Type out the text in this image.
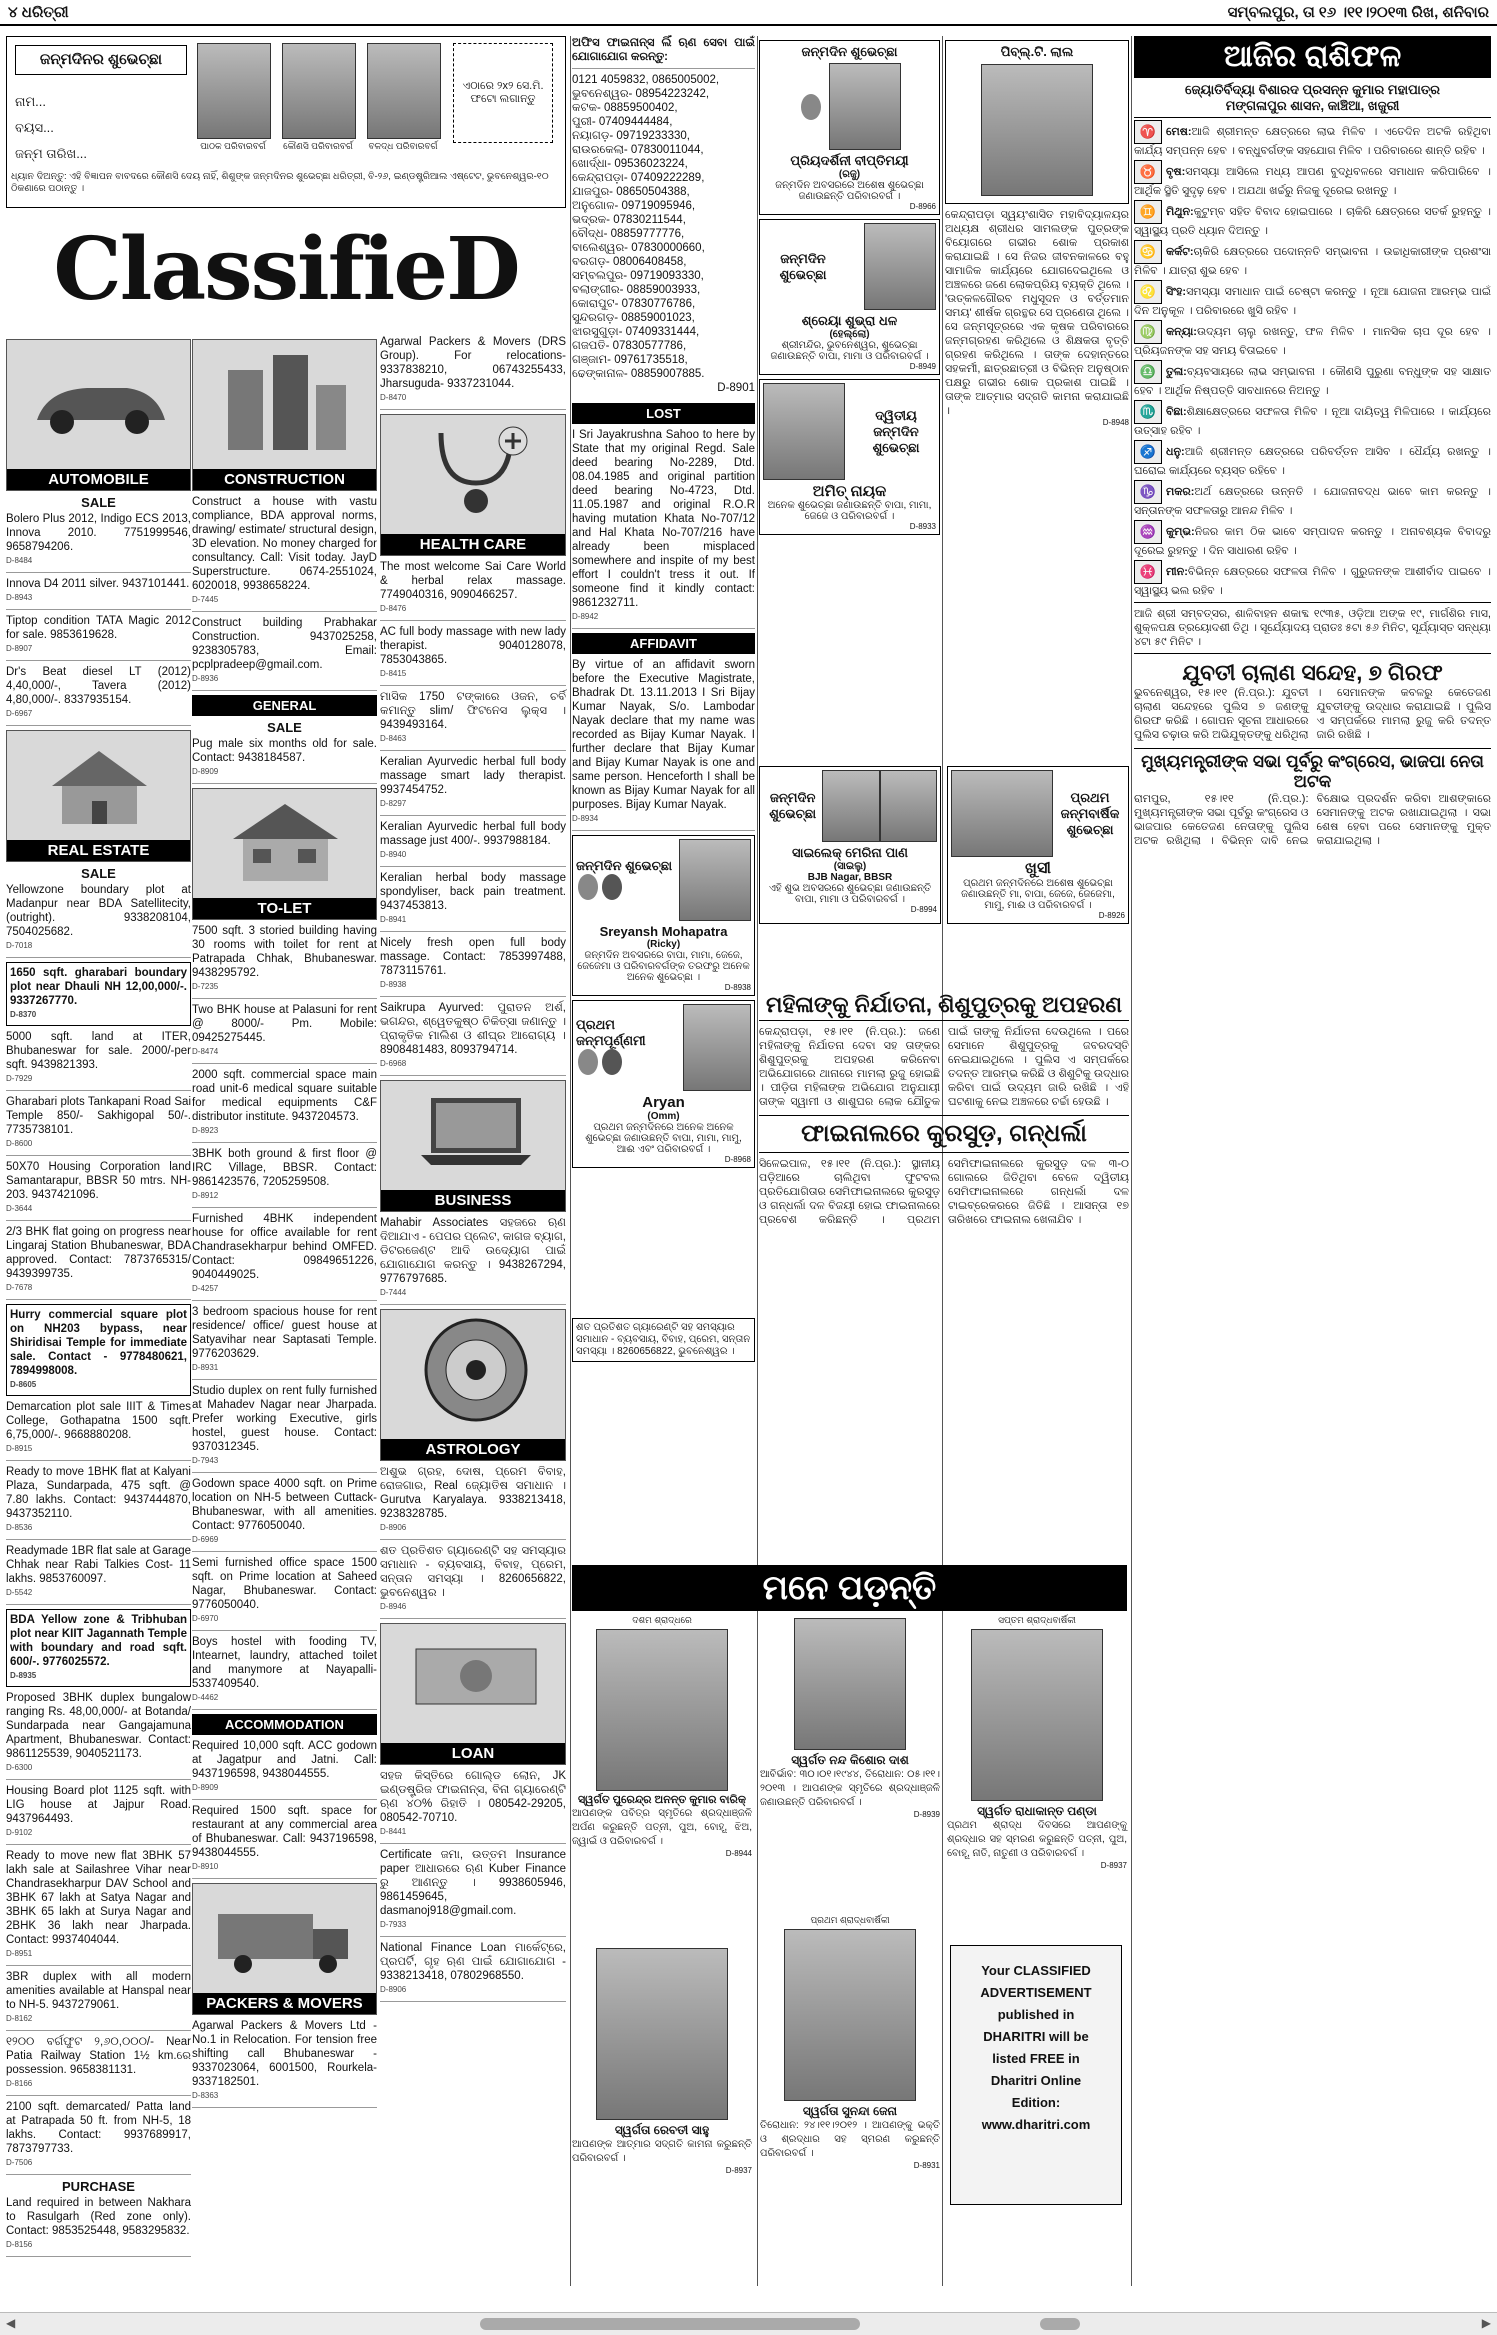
୪ ଧରିତ୍ରୀ	ସମ୍ବଲପୁର, ତା ୧୬ ।୧୧।୨୦୧୩ ରିଖ, ଶନିବାର
ଜନ୍ମଦିନର ଶୁଭେଚ୍ଛା
ନାମ...
ବୟସ...
ଜନ୍ମ ତାରିଖ...	ପାଠକ ପରିବାରବର୍ଗ	କୌଣସି ପରିବାରବର୍ଗ	ବଳଦ୍ଧ ପରିବାରବର୍ଗ
ଏଠାରେ ୨x୨ ସେ.ମି. ଫଟୋ ଲଗାନ୍ତୁ
ଧ୍ୟାନ ଦିଅନ୍ତୁ: ଏହି ବିଜ୍ଞାପନ ବାବଦରେ କୌଣସି ଦେୟ ନାହିଁ, ଶିଶୁଙ୍କ ଜନ୍ମଦିନର ଶୁଭେଚ୍ଛା ଧରିତ୍ରୀ, ବି-୨୬, ଇଣ୍ଡଷ୍ଟ୍ରିଆଲ ଏଷ୍ଟେଟ, ଭୁବନେଶ୍ୱର-୧୦ ଠିକଣାରେ ପଠାନ୍ତୁ ।
ClassifieD
AUTOMOBILE
SALE
Bolero Plus 2012, Indigo ECS 2013, Innova 2010. 7751999546, 9658794206.
D-8484
Innova D4 2011 silver. 9437101441.
D-8943
Tiptop condition TATA Magic 2012 for sale. 9853619628.
D-8907
Dr's Beat diesel LT (2012) 4,40,000/-, Tavera (2012) 4,80,000/-. 8337935154.
D-6967
REAL ESTATE
SALE
Yellowzone boundary plot at Madanpur near BDA Satellitecity, (outright). 9338208104, 7504025682.
D-7018
1650 sqft. gharabari boundary plot near Dhauli NH 12,00,000/-. 9337267770.
D-8370
5000 sqft. land at ITER, Bhubaneswar for sale. 2000/-per sqft. 9439821393.
D-7929
Gharabari plots Tankapani Road Sai Temple 850/- Sakhigopal 50/-. 7735738101.
D-8600
50X70 Housing Corporation land Samantarapur, BBSR 50 mtrs. NH-203. 9437421096.
D-3644
2/3 BHK flat going on progress near Lingaraj Station Bhubaneswar, BDA approved. Contact: 7873765315/ 9439399735.
D-7678
Hurry commercial square plot on NH203 bypass, near Shiridisai Temple for immediate sale. Contact - 9778480621, 7894998008.
D-8605
Demarcation plot sale IIIT & Times College, Gothapatna 1500 sqft. 6,75,000/-. 9668880208.
D-8915
Ready to move 1BHK flat at Kalyani Plaza, Sundarpada, 475 sqft. @ 7.80 lakhs. Contact: 9437444870, 9437352110.
D-8536
Readymade 1BR flat sale at Garage Chhak near Rabi Talkies Cost- 11 lakhs. 9853760097.
D-5542
BDA Yellow zone & Tribhuban plot near KIIT Jagannath Temple with boundary and road sqft. 600/-. 9776025572.
D-8935
Proposed 3BHK duplex bungalow ranging Rs. 48,00,000/- at Botanda/ Sundarpada near Gangajamuna Apartment, Bhubaneswar. Contact: 9861125539, 9040521173.
D-6300
Housing Board plot 1125 sqft. with LIG house at Jajpur Road. 9437964493.
D-9102
Ready to move new flat 3BHK 57 lakh sale at Sailashree Vihar near Chandrasekharpur DAV School and 3BHK 67 lakh at Satya Nagar and 3BHK 65 lakh at Surya Nagar and 2BHK 36 lakh near Jharpada. Contact: 9937404044.
D-8951
3BR duplex with all modern amenities available at Hanspal near to NH-5. 9437279061.
D-8162
୧୨୦୦ ବର୍ଗଫୁଟ ୨,୬୦,୦୦୦/- Near Patia Railway Station 1½ km.ରେ possession. 9658381131.
D-8166
2100 sqft. demarcated/ Patta land at Patrapada 50 ft. from NH-5, 18 lakhs. Contact: 9937689917, 7873797733.
D-7506
PURCHASE
Land required in between Nakhara to Rasulgarh (Red zone only). Contact: 9853525448, 9583295832.
D-8156
CONSTRUCTION
Construct a house with vastu compliance, BDA approval norms, drawing/ estimate/ structural design, 3D elevation. No money charged for consultancy. Call: Visit today. JayD Superstructure. 0674-2551024, 6020018, 9938658224.
D-7445
Construct building Prabhakar Construction. 9437025258, 9238305783, Email: pcplpradeep@gmail.com.
D-8936
GENERAL
SALE
Pug male six months old for sale. Contact: 9438184587.
D-8909
TO-LET
7500 sqft. 3 storied building having 30 rooms with toilet for rent at Patrapada Chhak, Bhubaneswar. 9438295792.
D-7235
Two BHK house at Palasuni for rent @ 8000/- Pm. Mobile: 09425275445.
D-8474
2000 sqft. commercial space main road unit-6 medical square suitable for medical equipments C&F distributor institute. 9437204573.
D-8923
3BHK both ground & first floor @ IRC Village, BBSR. Contact: 9861423576, 7205259508.
D-8912
Furnished 4BHK independent house for office available for rent Chandrasekharpur behind OMFED. Contact: 09849651226, 9040449025.
D-4257
3 bedroom spacious house for rent residence/ office/ guest house at Satyavihar near Saptasati Temple. 9776203629.
D-8931
Studio duplex on rent fully furnished at Mahadev Nagar near Jharpada. Prefer working Executive, girls hostel, guest house. Contact: 9370312345.
D-7943
Godown space 4000 sqft. on Prime location on NH-5 between Cuttack-Bhubaneswar, with all amenities. Contact: 9776050040.
D-6969
Semi furnished office space 1500 sqft. on Prime location at Saheed Nagar, Bhubaneswar. Contact: 9776050040.
D-6970
Boys hostel with fooding TV, Intearnet, laundry, attached toilet and manymore at Nayapalli-5337409540.
D-4462
ACCOMMODATION
Required 10,000 sqft. ACC godown at Jagatpur and Jatni. Call: 9437196598, 9438044555.
D-8909
Required 1500 sqft. space for restaurant at any commercial area of Bhubaneswar. Call: 9437196598, 9438044555.
D-8910
PACKERS & MOVERS
Agarwal Packers & Movers Ltd - No.1 in Relocation. For tension free shifting call Bhubaneswar - 9337023064, 6001500, Rourkela-9337182501.
D-8363
Agarwal Packers & Movers (DRS Group). For relocations- 9337838210, 06743255433, Jharsuguda- 9337231044.
D-8470
HEALTH CARE
The most welcome Sai Care World & herbal relax massage. 7749040316, 9090466257.
D-8476
AC full body massage with new lady therapist. 9040128078, 7853043865.
D-8415
ମାସିକ 1750 ଟଙ୍କାରେ ଓଜନ, ଚର୍ବି କମାନ୍ତୁ slim/ ଫିଟନେସ ଲୁକ୍ସ । 9439493164.
D-8463
Keralian Ayurvedic herbal full body massage smart lady therapist. 9937454752.
D-8297
Keralian Ayurvedic herbal full body massage just 400/-. 9937988184.
D-8940
Keralian herbal body massage spondyliser, back pain treatment. 9437453813.
D-8941
Nicely fresh open full body massage. Contact: 7853997488, 7873115761.
D-8938
Saikrupa Ayurved: ପୁରାତନ ଅର୍ଶ, ଭଗନ୍ଦର, ଶ୍ୱେତକୁଷ୍ଠ ଚିକିତ୍ସା ଜଣାନ୍ତୁ । ପ୍ରାକୃତିକ ମାଲିଶ ଓ ଶୀଘ୍ର ଆରୋଗ୍ୟ । 8908481483, 8093794714.
D-6968
BUSINESS
Mahabir Associates ସହଜରେ ଋଣ ଦିଆଯାଏ - ପେପର ପ୍ଲେଟ, କାଗଜ ବ୍ୟାଗ, ଡିଟରଜେଣ୍ଟ ଆଦି ଉଦ୍ୟୋଗ ପାଇଁ ଯୋଗାଯୋଗ କରନ୍ତୁ । 9438267294, 9776797685.
D-7444
ASTROLOGY
ଅଶୁଭ ଗ୍ରହ, ଦୋଷ, ପ୍ରେମ ବିବାହ, ରୋଜଗାର, Real ଜ୍ୟୋତିଷ ସମାଧାନ । Gurutva Karyalaya. 9338213418, 9238328785.
D-8906
ଶତ ପ୍ରତିଶତ ଗ୍ୟାରେଣ୍ଟି ସହ ସମସ୍ୟାର ସମାଧାନ - ବ୍ୟବସାୟ, ବିବାହ, ପ୍ରେମ, ସନ୍ତାନ ସମସ୍ୟା । 8260656822, ଭୁବନେଶ୍ୱର ।
D-8946
LOAN
ସହଜ କିସ୍ତିରେ ଗୋଲ୍ଡ ଲୋନ, JK ଇଣ୍ଡଷ୍ଟ୍ରିଜ ଫାଇନାନ୍ସ, ବିନା ଗ୍ୟାରେଣ୍ଟି ଋଣ ୪୦% ରିହାତି । 080542-29205, 080542-70710.
D-8441
Certificate ଜମା, ଉତ୍ତମ Insurance paper ଆଧାରରେ ଋଣ Kuber Finance ରୁ ଆଣନ୍ତୁ । 9938605946, 9861459645, dasmanoj918@gmail.com.
D-7933
National Finance Loan ମାର୍କେଟ୍ରେ, ପ୍ରପର୍ଟି, ଗୃହ ଋଣ ପାଇଁ ଯୋଗାଯୋଗ - 9338213418, 07802968550.
D-8906
ଅଫିସ ଫାଇନାନ୍ସ ଲିଁ ଋଣ ସେବା ପାଇଁ ଯୋଗାଯୋଗ କରନ୍ତୁ:
0121 4059832, 0865005002,
ଭୁବନେଶ୍ୱର- 08954223242,
କଟକ- 08859500402,
ପୁରୀ- 07409444484,
ନୟାଗଡ଼- 09719233330,
ରାଉରକେଲା- 07830011044,
ଖୋର୍ଦ୍ଧା- 09536023224,
କେନ୍ଦ୍ରାପଡ଼ା- 07409222289,
ଯାଜପୁର- 08650504388,
ଅନୁଗୋଳ- 09719095946,
ଭଦ୍ରକ- 07830211544,
ବୌଦ୍ଧ- 08859777776,
ବାଲେଶ୍ୱର- 07830000660,
ବରଗଡ଼- 08006408458,
ସମ୍ବଲପୁର- 09719093330,
ବଲାଙ୍ଗୀର- 08859003933,
କୋରାପୁଟ- 07830776786,
ସୁନ୍ଦରଗଡ଼- 08859001023,
ଝାରସୁଗୁଡ଼ା- 07409331444,
ଗଜପତି- 07830577786,
ଗଞ୍ଜାମ- 09761735518,
ଢେଙ୍କାନାଳ- 08859007885.
D-8901
LOST
I Sri Jayakrushna Sahoo to here by State that my original Regd. Sale deed bearing No-2289, Dtd. 08.04.1985 and original partition deed bearing No-4723, Dtd. 11.05.1987 and original R.O.R having mutation Khata No-707/12 and Hal Khata No-707/216 have already been misplaced somewhere and inspite of my best effort I couldn't tress it out. If someone find it kindly contact: 9861232711.
D-8942
AFFIDAVIT
By virtue of an affidavit sworn before the Executive Magistrate, Bhadrak Dt. 13.11.2013 I Sri Bijay Kumar Nayak, S/o. Lambodar Nayak declare that my name was recorded as Bijay Kumar Nayak. I further declare that Bijay Kumar and Bijay Kumar Nayak is one and same person. Henceforth I shall be known as Bijay Kumar Nayak for all purposes. Bijay Kumar Nayak.
D-8934
ଜନ୍ମଦିନ ଶୁଭେଚ୍ଛା
Sreyansh Mohapatra
(Ricky)
ଜନ୍ମଦିନ ଅବସରରେ ବାପା, ମାମା, ଜେଜେ, ଜେଜେମା ଓ ପରିବାରବର୍ଗଙ୍କ ତରଫରୁ ଅନେକ ଅନେକ ଶୁଭେଚ୍ଛା ।
D-8938
ପ୍ରଥମ ଜନ୍ମପୂର୍ଣ୍ଣମୀ
Aryan
(Omm)
ପ୍ରଥମ ଜନ୍ମଦିନରେ ଅନେକ ଅନେକ ଶୁଭେଚ୍ଛା ଜଣାଉଛନ୍ତି ବାପା, ମାମା, ମାମୁ, ଆଈ ଏବଂ ପରିବାରବର୍ଗ ।
D-8968
ଜନ୍ମଦିନ ଶୁଭେଚ୍ଛା
ପ୍ରିୟଦର୍ଶିନୀ ବୀପ୍ତିମୟୀ
(ରଜୁ)
ଜନ୍ମଦିନ ଅବସରରେ ଅଶେଷ ଶୁଭେଚ୍ଛା ଜଣାଉଛନ୍ତି ପରିବାରବର୍ଗ ।
D-8966
ଜନ୍ମଦିନ ଶୁଭେଚ୍ଛା
ଶ୍ରେୟା ଶୁଭ୍ରା ଧଳ
(ହେଲ୍ଲୋ)
ଶ୍ରୀମନ୍ଦିର, ଭୁବନେଶ୍ୱର, ଶୁଭେଚ୍ଛା ଜଣାଉଛନ୍ତି ବାପା, ମାମା ଓ ପରିବାରବର୍ଗ ।
D-8949
ଦ୍ୱିତୀୟ ଜନ୍ମଦିନ ଶୁଭେଚ୍ଛା
ଅମିତ୍ ନାୟକ
ଅନେକ ଶୁଭେଚ୍ଛା ଜଣାଉଛନ୍ତି ବାପା, ମାମା, ଜେଜେ ଓ ପରିବାରବର୍ଗ ।
D-8933
ଜନ୍ମଦିନ ଶୁଭେଚ୍ଛା
ସାଇଲେକ୍ ମେରିନା ପାଣ
(ସାଇଲୁ)
BJB Nagar, BBSR
ଏହି ଶୁଭ ଅବସରରେ ଶୁଭେଚ୍ଛା ଜଣାଉଛନ୍ତି ବାପା, ମାମା ଓ ପରିବାରବର୍ଗ ।
D-8994
ପ୍ରଥମ ଜନ୍ମବାର୍ଷିକ ଶୁଭେଚ୍ଛା
ଖୁସୀ
ପ୍ରଥମ ଜନ୍ମଦିନରେ ଅଶେଷ ଶୁଭେଚ୍ଛା ଜଣାଉଛନ୍ତି ମା, ବାପା, ଜେଜେ, ଜେଜେମା, ମାମୁ, ମାଈ ଓ ପରିବାରବର୍ଗ ।
D-8926
ପିବ୍ଲ୍.ଟି. ଲାଲ
କେନ୍ଦ୍ରାପଡ଼ା ସ୍ୱୟଂଶାସିତ ମହାବିଦ୍ୟାଳୟର ଅଧ୍ୟକ୍ଷ ଶ୍ରୀଧର ସାମଲଙ୍କ ପୁତ୍ରଙ୍କ ବିୟୋଗରେ ଗଭୀର ଶୋକ ପ୍ରକାଶ କରାଯାଇଛି । ସେ ନିଜର ଜୀବନକାଳରେ ବହୁ ସାମାଜିକ କାର୍ଯ୍ୟରେ ଯୋଗଦେଇଥିଲେ ଓ ଅଞ୍ଚଳରେ ଜଣେ ଲୋକପ୍ରିୟ ବ୍ୟକ୍ତି ଥିଲେ । 'ଉତ୍କଳଗୌରବ ମଧୁସୂଦନ ଓ ବର୍ତ୍ତମାନ ସମୟ' ଶୀର୍ଷକ ଗ୍ରନ୍ଥର ସେ ପ୍ରଣେତା ଥିଲେ । ସେ ଜନ୍ମସୂତ୍ରରେ ଏକ କୃଷକ ପରିବାରରେ ଜନ୍ମଗ୍ରହଣ କରିଥିଲେ ଓ ଶିକ୍ଷକତା ବୃତ୍ତି ଗ୍ରହଣ କରିଥିଲେ । ତାଙ୍କ ଦେହାନ୍ତରେ ସହକର୍ମୀ, ଛାତ୍ରଛାତ୍ରୀ ଓ ବିଭିନ୍ନ ଅନୁଷ୍ଠାନ ପକ୍ଷରୁ ଗଭୀର ଶୋକ ପ୍ରକାଶ ପାଇଛି । ତାଙ୍କ ଆତ୍ମାର ସଦ୍ଗତି କାମନା କରାଯାଇଛି ।
D-8948
ମହିଳାଙ୍କୁ ନିର୍ଯାତନା, ଶିଶୁପୁତ୍ରକୁ ଅପହରଣ
କେନ୍ଦ୍ରାପଡ଼ା, ୧୫।୧୧ (ନି.ପ୍ର.): ଜଣେ ମହିଳାଙ୍କୁ ନିର୍ଯାତନା ଦେବା ସହ ତାଙ୍କର ଶିଶୁପୁତ୍ରକୁ ଅପହରଣ କରିନେବା ଅଭିଯୋଗରେ ଥାନାରେ ମାମଲା ରୁଜୁ ହୋଇଛି । ପୀଡ଼ିତା ମହିଳାଙ୍କ ଅଭିଯୋଗ ଅନୁଯାୟୀ ତାଙ୍କ ସ୍ୱାମୀ ଓ ଶାଶୁଘର ଲୋକ ଯୌତୁକ ପାଇଁ ତାଙ୍କୁ ନିର୍ଯାତନା ଦେଉଥିଲେ । ପରେ ସେମାନେ ଶିଶୁପୁତ୍ରକୁ ଜବରଦସ୍ତି ନେଇଯାଇଥିଲେ । ପୁଲିସ ଏ ସମ୍ପର୍କରେ ତଦନ୍ତ ଆରମ୍ଭ କରିଛି ଓ ଶିଶୁଟିକୁ ଉଦ୍ଧାର କରିବା ପାଇଁ ଉଦ୍ୟମ ଜାରି ରଖିଛି । ଏହି ଘଟଣାକୁ ନେଇ ଅଞ୍ଚଳରେ ଚର୍ଚ୍ଚା ହେଉଛି ।
ଫାଇନାଲରେ କୁରସୁଡ଼, ଗନ୍ଧର୍ଲା
ସିଳେଇପାଳ, ୧୫।୧୧ (ନି.ପ୍ର.): ସ୍ଥାନୀୟ ପଡ଼ିଆରେ ଚାଲିଥିବା ଫୁଟବଲ ପ୍ରତିଯୋଗିତାର ସେମିଫାଇନାଲରେ କୁରସୁଡ଼ ଓ ଗନ୍ଧର୍ଲା ଦଳ ବିଜୟୀ ହୋଇ ଫାଇନାଲରେ ପ୍ରବେଶ କରିଛନ୍ତି । ପ୍ରଥମ ସେମିଫାଇନାଲରେ କୁରସୁଡ଼ ଦଳ ୩-୦ ଗୋଲରେ ଜିତିଥିବା ବେଳେ ଦ୍ୱିତୀୟ ସେମିଫାଇନାଲରେ ଗନ୍ଧର୍ଲା ଦଳ ଟାଇବ୍ରେକରରେ ଜିତିଛି । ଆସନ୍ତା ୧୭ ତାରିଖରେ ଫାଇନାଲ ଖେଳାଯିବ ।
ଶତ ପ୍ରତିଶତ ଗ୍ୟାରେଣ୍ଟି ସହ ସମସ୍ୟାର ସମାଧାନ - ବ୍ୟବସାୟ, ବିବାହ, ପ୍ରେମ, ସନ୍ତାନ ସମସ୍ୟା । 8260656822, ଭୁବନେଶ୍ୱର ।
ମନେ ପଡ଼ନ୍ତି
ଦଶମ ଶ୍ରାଦ୍ଧରେ
ସ୍ୱର୍ଗତ ପୁରେନ୍ଦ୍ର ଅନନ୍ତ କୁମାର ବାରିକ୍
ଆପଣଙ୍କ ପବିତ୍ର ସ୍ମୃତିରେ ଶ୍ରଦ୍ଧାଞ୍ଜଳି ଅର୍ପଣ କରୁଛନ୍ତି ପତ୍ନୀ, ପୁଅ, ବୋହୂ, ଝିଅ, ଜ୍ୱାଇଁ ଓ ପରିବାରବର୍ଗ ।
D-8944
ସ୍ୱର୍ଗତ ନନ୍ଦ କିଶୋର ଦାଶ
ଆବିର୍ଭାବ: ୩୦।୦୧।୧୯୪୪, ତିରୋଧାନ: ୦୫।୧୧।୨୦୧୩ । ଆପଣଙ୍କ ସ୍ମୃତିରେ ଶ୍ରଦ୍ଧାଞ୍ଜଳି ଜଣାଉଛନ୍ତି ପରିବାରବର୍ଗ ।
D-8939
ସପ୍ତମ ଶ୍ରାଦ୍ଧବାର୍ଷିକୀ
ସ୍ୱର୍ଗତ ରାଧାକାନ୍ତ ପଣ୍ଡା
ପ୍ରଥମ ଶ୍ରାଦ୍ଧ ଦିବସରେ ଆପଣଙ୍କୁ ଶ୍ରଦ୍ଧାର ସହ ସ୍ମରଣ କରୁଛନ୍ତି ପତ୍ନୀ, ପୁଅ, ବୋହୂ, ନାତି, ନାତୁଣୀ ଓ ପରିବାରବର୍ଗ ।
D-8937
ସ୍ୱର୍ଗତା ରେବତୀ ସାହୁ
ଆପଣଙ୍କ ଆତ୍ମାର ସଦ୍ଗତି କାମନା କରୁଛନ୍ତି ପରିବାରବର୍ଗ ।
D-8937
ପ୍ରଥମ ଶ୍ରାଦ୍ଧବାର୍ଷିକୀ
ସ୍ୱର୍ଗତା ସୁନନ୍ଦା ଜେନା
ତିରୋଧାନ: ୨୪।୧୧।୨୦୧୨ । ଆପଣଙ୍କୁ ଭକ୍ତି ଓ ଶ୍ରଦ୍ଧାର ସହ ସ୍ମରଣ କରୁଛନ୍ତି ପରିବାରବର୍ଗ ।
D-8931
Your CLASSIFIED
ADVERTISEMENT
published in
DHARITRI will be
listed FREE in
Dharitri Online
Edition:
www.dharitri.com
ଆଜିର ରାଶିଫଳ
ଜ୍ୟୋତିର୍ବିଦ୍ୟା ବିଶାରଦ ପ୍ରସନ୍ନ କୁମାର ମହାପାତ୍ର
ମଙ୍ଗଳାପୁର ଶାସନ, କାଞ୍ଚିଆ, ଖଜୁରୀ

♈ ମେଷ:ଆଜି ଶ୍ରୀମନ୍ତ କ୍ଷେତ୍ରରେ ଲାଭ ମିଳିବ । ଏତେଦିନ ଅଟକି ରହିଥିବା କାର୍ଯ୍ୟ ସମ୍ପନ୍ନ ହେବ । ବନ୍ଧୁବର୍ଗଙ୍କ ସହଯୋଗ ମିଳିବ । ପରିବାରରେ ଶାନ୍ତି ରହିବ ।

♉ ବୃଷ:ସମସ୍ୟା ଆସିଲେ ମଧ୍ୟ ଆପଣ ବୁଦ୍ଧିବଳରେ ସମାଧାନ କରିପାରିବେ । ଆର୍ଥିକ ସ୍ଥିତି ସୁଦୃଢ଼ ହେବ । ଅଯଥା ଖର୍ଚ୍ଚରୁ ନିଜକୁ ଦୂରେଇ ରଖନ୍ତୁ ।

♊ ମିଥୁନ:କୁଟୁମ୍ବ ସହିତ ବିବାଦ ହୋଇପାରେ । ଚାକିରି କ୍ଷେତ୍ରରେ ସତର୍କ ରୁହନ୍ତୁ । ସ୍ୱାସ୍ଥ୍ୟ ପ୍ରତି ଧ୍ୟାନ ଦିଅନ୍ତୁ ।

♋ କର୍କଟ:ଚାକିରି କ୍ଷେତ୍ରରେ ପଦୋନ୍ନତି ସମ୍ଭାବନା । ଉଚ୍ଚାଧିକାରୀଙ୍କ ପ୍ରଶଂସା ମିଳିବ । ଯାତ୍ରା ଶୁଭ ହେବ ।

♌ ସିଂହ:ସମସ୍ୟା ସମାଧାନ ପାଇଁ ଚେଷ୍ଟା କରନ୍ତୁ । ନୂଆ ଯୋଜନା ଆରମ୍ଭ ପାଇଁ ଦିନ ଅନୁକୂଳ । ପରିବାରରେ ଖୁସି ରହିବ ।

♍ କନ୍ୟା:ଉଦ୍ୟମ ଚାଲୁ ରଖନ୍ତୁ, ଫଳ ମିଳିବ । ମାନସିକ ଚାପ ଦୂର ହେବ । ପ୍ରିୟଜନଙ୍କ ସହ ସମୟ ବିତାଇବେ ।

♎ ତୁଳା:ବ୍ୟବସାୟରେ ଲାଭ ସମ୍ଭାବନା । କୌଣସି ପୁରୁଣା ବନ୍ଧୁଙ୍କ ସହ ସାକ୍ଷାତ ହେବ । ଆର୍ଥିକ ନିଷ୍ପତ୍ତି ସାବଧାନରେ ନିଅନ୍ତୁ ।

♏ ବିଛା:ଶିକ୍ଷାକ୍ଷେତ୍ରରେ ସଫଳତା ମିଳିବ । ନୂଆ ଦାୟିତ୍ୱ ମିଳିପାରେ । କାର୍ଯ୍ୟରେ ଉତ୍ସାହ ରହିବ ।

♐ ଧନୁ:ଆଜି ଶ୍ରୀମନ୍ତ କ୍ଷେତ୍ରରେ ପରିବର୍ତ୍ତନ ଆସିବ । ଧୈର୍ଯ୍ୟ ରଖନ୍ତୁ । ଘରୋଇ କାର୍ଯ୍ୟରେ ବ୍ୟସ୍ତ ରହିବେ ।

♑ ମକର:ଅର୍ଥ କ୍ଷେତ୍ରରେ ଉନ୍ନତି । ଯୋଜନାବଦ୍ଧ ଭାବେ କାମ କରନ୍ତୁ । ସନ୍ତାନଙ୍କ ସଫଳତାରୁ ଆନନ୍ଦ ମିଳିବ ।

♒ କୁମ୍ଭ:ନିଜର କାମ ଠିକ ଭାବେ ସମ୍ପାଦନ କରନ୍ତୁ । ଅନାବଶ୍ୟକ ବିବାଦରୁ ଦୂରେଇ ରୁହନ୍ତୁ । ଦିନ ସାଧାରଣ ରହିବ ।

♓ ମୀନ:ବିଭିନ୍ନ କ୍ଷେତ୍ରରେ ସଫଳତା ମିଳିବ । ଗୁରୁଜନଙ୍କ ଆଶୀର୍ବାଦ ପାଇବେ । ସ୍ୱାସ୍ଥ୍ୟ ଭଲ ରହିବ ।

ଆଜି ଶ୍ରୀ ସମ୍ବତ୍ସର, ଶାଳିବାହନ ଶକାବ୍ଦ ୧୯୩୫, ଓଡ଼ିଆ ଅଙ୍କ ୧୯, ମାର୍ଗଶିର ମାସ, ଶୁକ୍ଳପକ୍ଷ ତ୍ରୟୋଦଶୀ ତିଥି । ସୂର୍ଯ୍ୟୋଦୟ ପ୍ରାତଃ ୫ଟା ୫୬ ମିନିଟ, ସୂର୍ଯ୍ୟାସ୍ତ ସନ୍ଧ୍ୟା ୪ଟା ୫୯ ମିନିଟ ।
ଯୁବତୀ ଚାଲାଣ ସନ୍ଦେହ, ୭ ଗିରଫ
ଭୁବନେଶ୍ୱର, ୧୫।୧୧ (ନି.ପ୍ର.): ଯୁବତୀ ଚାଲାଣ ସନ୍ଦେହରେ ପୁଲିସ ୭ ଜଣଙ୍କୁ ଗିରଫ କରିଛି । ଗୋପନ ସୂଚନା ଆଧାରରେ ପୁଲିସ ଚଢ଼ାଉ କରି ଅଭିଯୁକ୍ତଙ୍କୁ ଧରିଥିଲା । ସେମାନଙ୍କ କବଳରୁ କେତେଜଣ ଯୁବତୀଙ୍କୁ ଉଦ୍ଧାର କରାଯାଇଛି । ପୁଲିସ ଏ ସମ୍ପର୍କରେ ମାମଲା ରୁଜୁ କରି ତଦନ୍ତ ଜାରି ରଖିଛି ।
ମୁଖ୍ୟମନ୍ତ୍ରୀଙ୍କ ସଭା ପୂର୍ବରୁ କଂଗ୍ରେସ, ଭାଜପା ନେତା ଅଟକ
ରାମପୁର, ୧୫।୧୧ (ନି.ପ୍ର.): ମୁଖ୍ୟମନ୍ତ୍ରୀଙ୍କ ସଭା ପୂର୍ବରୁ କଂଗ୍ରେସ ଓ ଭାଜପାର କେତେଜଣ ନେତାଙ୍କୁ ପୁଲିସ ଅଟକ ରଖିଥିଲା । ବିଭିନ୍ନ ଦାବି ନେଇ ବିକ୍ଷୋଭ ପ୍ରଦର୍ଶନ କରିବା ଆଶଙ୍କାରେ ସେମାନଙ୍କୁ ଅଟକ ରଖାଯାଇଥିଲା । ସଭା ଶେଷ ହେବା ପରେ ସେମାନଙ୍କୁ ମୁକ୍ତ କରାଯାଇଥିଲା ।
◀	▶
